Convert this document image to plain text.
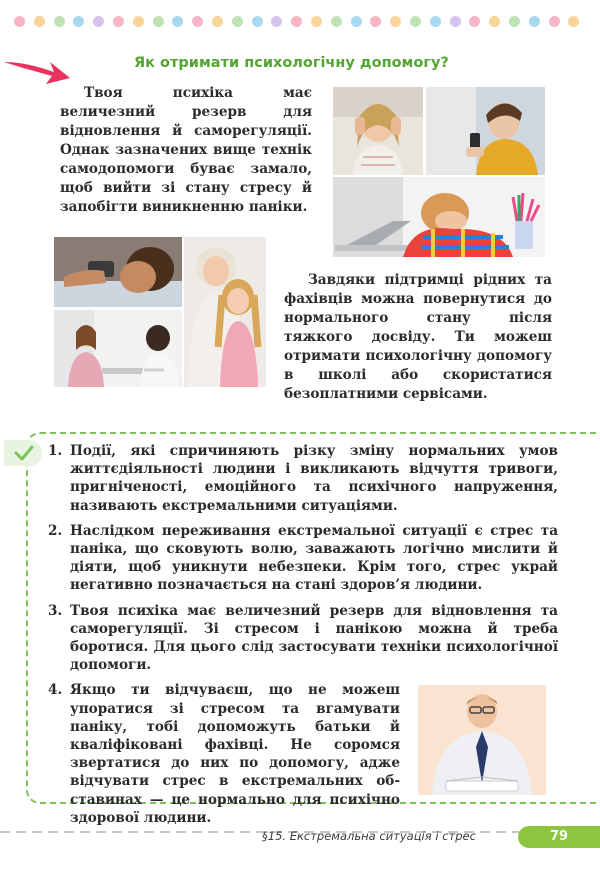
Як отримати психологічну допомогу?

Твоя психіка має величезний резерв для відновлення й саморегуляції. Однак зазначених вище технік самодопомоги буває замало, щоб вийти зі стану стресу й запобігти виникненню паніки.

Завдяки підтримці рідних та фахівців можна повернутися до нормального стану після тяжкого досвіду. Ти можеш отримати психологічну допомогу в школі або скористатися безоплатними сервісами.

1. Події, які спричиняють різку зміну нормальних умов життєдіяльності людини і викликають відчуття тривоги, пригніченості, емоційного та психічного напруження, називають екстремальними ситуаціями.
2. Наслідком переживання екстремальної ситуації є стрес та паніка, що сковують волю, заважають логічно мислити й діяти, щоб уникнути небезпеки. Крім того, стрес украй негативно позначається на стані здоров’я людини.
3. Твоя психіка має величезний резерв для відновлення та саморегуляції. Зі стресом і панікою можна й треба боротися. Для цього слід застосувати техніки психологічної допомоги.
4. Якщо ти відчуваєш, що не можеш упоратися зі стресом та вгамувати паніку, тобі допоможуть батьки й кваліфіковані фахівці. Не соромся звертатися до них по допомогу, адже відчувати стрес в екстремальних обставинах — це нормально для психічно здорової людини.
§15. Екстремальна ситуація і стрес	79
